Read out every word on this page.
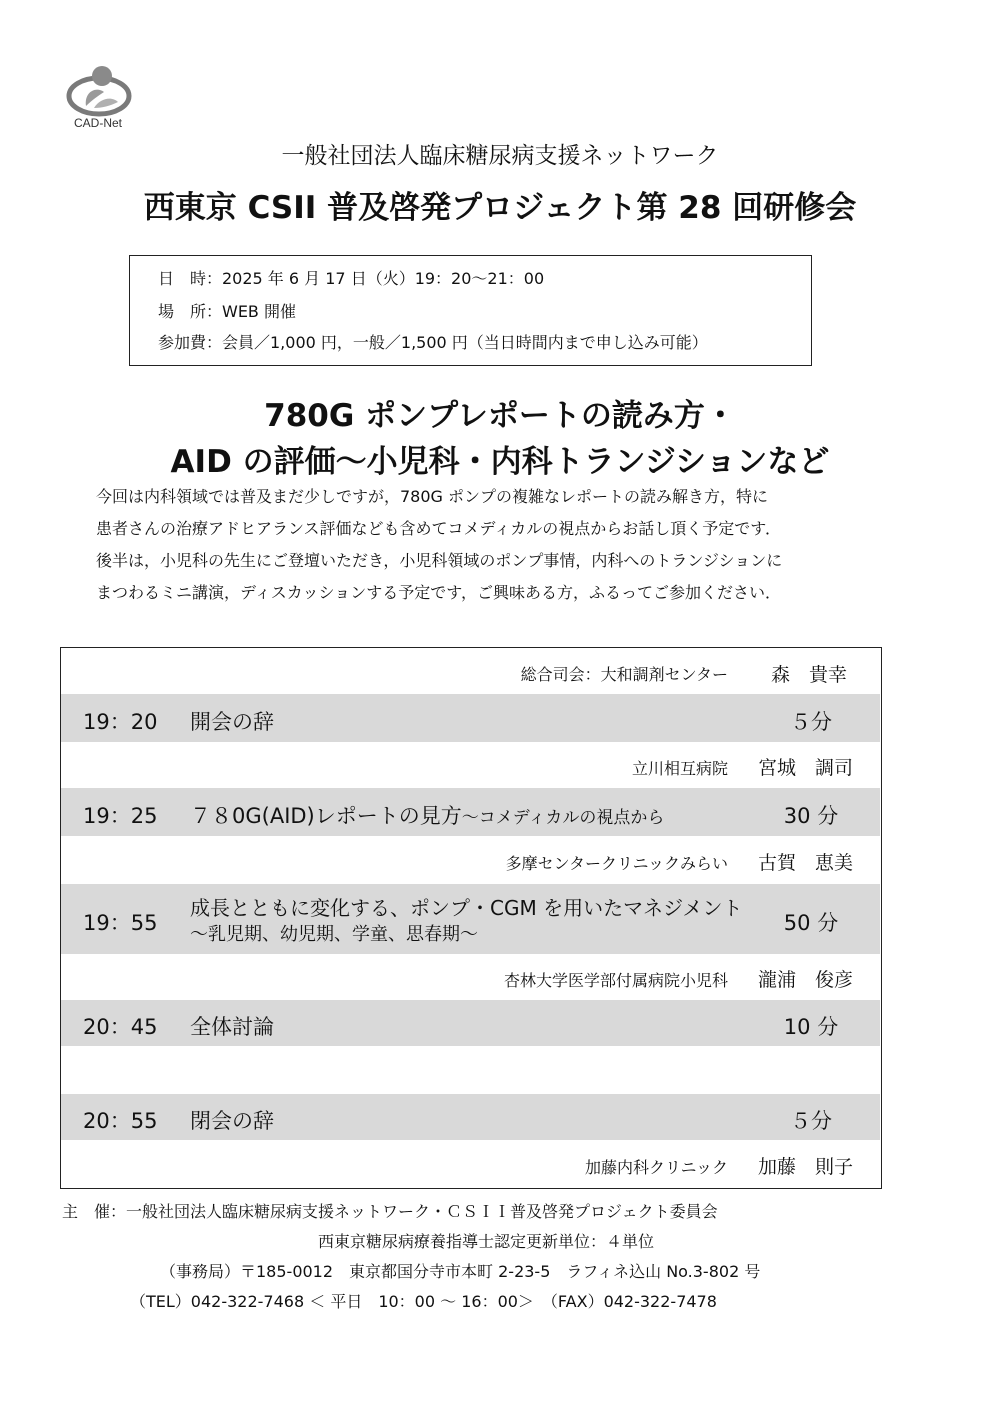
CAD-Net
一般社団法人臨床糖尿病支援ネットワーク
西東京 CSII 普及啓発プロジェクト第 28 回研修会
日　時：2025 年 6 月 17 日（火）19：20～21：00
場　所：WEB 開催
参加費：会員／1,000 円，一般／1,500 円（当日時間内まで申し込み可能）
780G ポンプレポートの読み方・
AID の評価～小児科・内科トランジションなど
今回は内科領域では普及まだ少しですが，780G ポンプの複雑なレポートの読み解き方，特に
患者さんの治療アドヒアランス評価なども含めてコメディカルの視点からお話し頂く予定です．
後半は，小児科の先生にご登壇いただき，小児科領域のポンプ事情，内科へのトランジションに
まつわるミニ講演，ディスカッションする予定です，ご興味ある方，ふるってご参加ください．
総合司会：大和調剤センター 森　貴幸
19：20 開会の辞	５分
立川相互病院 宮城　調司
19：25 ７８0G(AID)レポートの見方～コメディカルの視点から	30 分
多摩センタークリニックみらい 古賀　恵美
19：55
成長とともに変化する、ポンプ・CGM を用いたマネジメント
～乳児期、幼児期、学童、思春期～	50 分
杏林大学医学部付属病院小児科 瀧浦　俊彦
20：45 全体討論	10 分
20：55 閉会の辞	５分
加藤内科クリニック 加藤　則子
主　催：一般社団法人臨床糖尿病支援ネットワーク・ＣＳＩＩ普及啓発プロジェクト委員会
西東京糖尿病療養指導士認定更新単位：４単位
（事務局）〒185-0012　東京都国分寺市本町 2-23-5　ラフィネ込山 No.3-802 号
（TEL）042-322-7468 ＜ 平日　10：00 ～ 16：00＞　（FAX）042-322-7478
